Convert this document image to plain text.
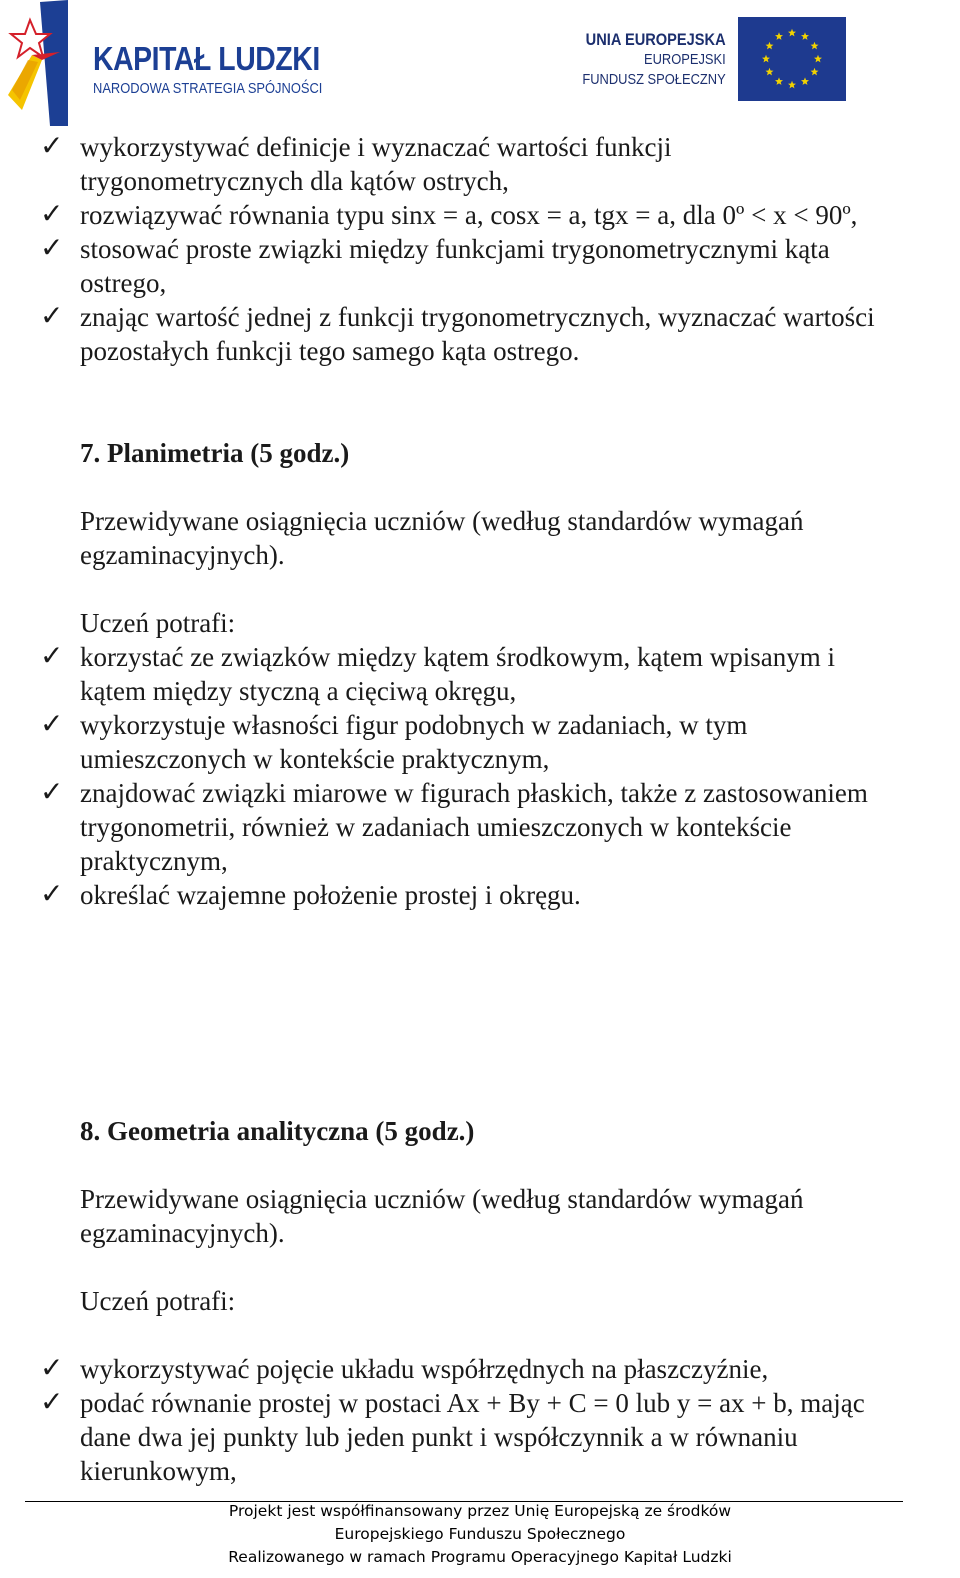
KAPITAŁ LUDZKI
NARODOWA STRATEGIA SPÓJNOŚCI
UNIA EUROPEJSKA
EUROPEJSKI
FUNDUSZ SPOŁECZNY
✓ wykorzystywać definicje i wyznaczać wartości funkcji
trygonometrycznych dla kątów ostrych,
✓ rozwiązywać równania typu sinx = a, cosx = a, tgx = a, dla 0º < x < 90º,
✓ stosować proste związki między funkcjami trygonometrycznymi kąta
ostrego,
✓ znając wartość jednej z funkcji trygonometrycznych, wyznaczać wartości
pozostałych funkcji tego samego kąta ostrego.
7. Planimetria (5 godz.)
Przewidywane osiągnięcia uczniów (według standardów wymagań
egzaminacyjnych).
Uczeń potrafi:
✓ korzystać ze związków między kątem środkowym, kątem wpisanym i
kątem między styczną a cięciwą okręgu,
✓ wykorzystuje własności figur podobnych w zadaniach, w tym
umieszczonych w kontekście praktycznym,
✓ znajdować związki miarowe w figurach płaskich, także z zastosowaniem
trygonometrii, również w zadaniach umieszczonych w kontekście
praktycznym,
✓ określać wzajemne położenie prostej i okręgu.
8. Geometria analityczna (5 godz.)
Przewidywane osiągnięcia uczniów (według standardów wymagań
egzaminacyjnych).
Uczeń potrafi:
✓ wykorzystywać pojęcie układu współrzędnych na płaszczyźnie,
✓ podać równanie prostej w postaci Ax + By + C = 0 lub y = ax + b, mając
dane dwa jej punkty lub jeden punkt i współczynnik a w równaniu
kierunkowym,
Projekt jest współfinansowany przez Unię Europejską ze środków
Europejskiego Funduszu Społecznego
Realizowanego w ramach Programu Operacyjnego Kapitał Ludzki
